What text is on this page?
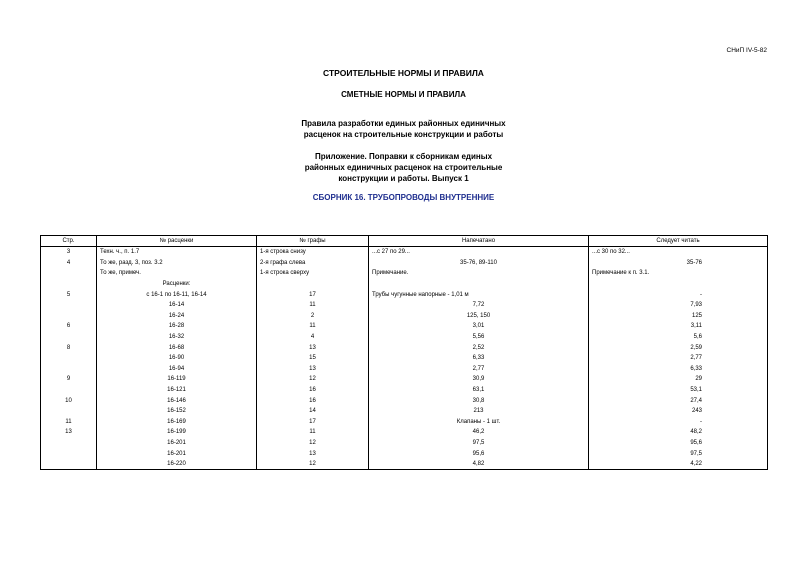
СНиП IV-5-82
СТРОИТЕЛЬНЫЕ НОРМЫ И ПРАВИЛА
СМЕТНЫЕ НОРМЫ И ПРАВИЛА
Правила разработки единых районных единичных
расценок на строительные конструкции и работы
Приложение. Поправки к сборникам единых
районных единичных расценок на строительные
конструкции и работы. Выпуск 1
СБОРНИК 16. ТРУБОПРОВОДЫ ВНУТРЕННИЕ
Стр.	№ расценки	№ графы	Напечатано	Следует читать
3	Техн. ч., п. 1.7	1-я строка снизу	...с 27 по 29...	...с 30 по 32...

4	То же, разд. 3, поз. 3.2	2-я графа слева	35-76, 89-110	35-76

	То же, примеч.	1-я строка сверху	Примечание.	Примечание к п. 3.1.

	Расценки:		

5	с 16-1 по 16-11, 16-14	17	Трубы чугунные напорные - 1,01 м	-

	16-14	11	7,72	7,93

	16-24	2	125, 150	125

6	16-28	11	3,01	3,11

	16-32	4	5,56	5,6

8	16-68	13	2,52	2,59

	16-90	15	6,33	2,77

	16-94	13	2,77	6,33

9	16-119	12	30,9	29

	16-121	16	63,1	53,1

10	16-146	16	30,8	27,4

	16-152	14	213	243

11	16-169	17	Клапаны - 1 шт.	-

13	16-199	11	46,2	48,2

	16-201	12	97,5	95,6

	16-201	13	95,6	97,5

	16-220	12	4,82	4,22
